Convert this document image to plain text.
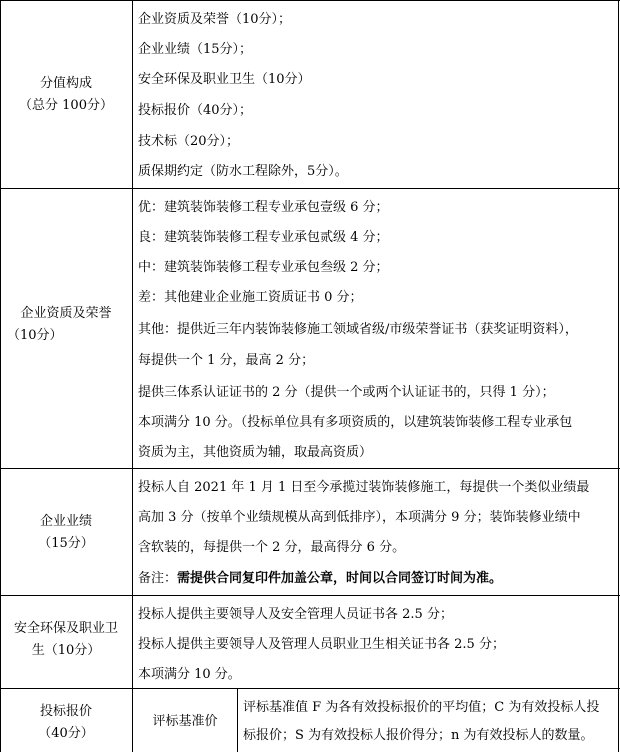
分值构成
（总分 100分）
企业资质及荣誉（10分）；
企业业绩（15分）；
安全环保及职业卫生（10分）
投标报价（40分）；
技术标（20分）；
质保期约定（防水工程除外，5分）。
企业资质及荣誉
（10分）
优：建筑装饰装修工程专业承包壹级 6 分；
良：建筑装饰装修工程专业承包贰级 4 分；
中：建筑装饰装修工程专业承包叁级 2 分；
差：其他建业企业施工资质证书 0 分；
其他：提供近三年内装饰装修施工领域省级/市级荣誉证书（获奖证明资料），
每提供一个 1 分，最高 2 分；
提供三体系认证证书的 2 分（提供一个或两个认证证书的，只得 1 分）；
本项满分 10 分。（投标单位具有多项资质的，以建筑装饰装修工程专业承包
资质为主，其他资质为辅，取最高资质）
企业业绩
（15分）
投标人自 2021 年 1 月 1 日至今承揽过装饰装修施工，每提供一个类似业绩最
高加 3 分（按单个业绩规模从高到低排序），本项满分 9 分；装饰装修业绩中
含软装的，每提供一个 2 分，最高得分 6 分。
备注：需提供合同复印件加盖公章，时间以合同签订时间为准。
安全环保及职业卫
生（10分）
投标人提供主要领导人及安全管理人员证书各 2.5 分；
投标人提供主要领导人及管理人员职业卫生相关证书各 2.5 分；
本项满分 10 分。
投标报价
（40分）
评标基准价
评标基准值 F 为各有效投标报价的平均值；C 为有效投标人投
标报价；S 为有效投标人报价得分；n 为有效投标人的数量。
